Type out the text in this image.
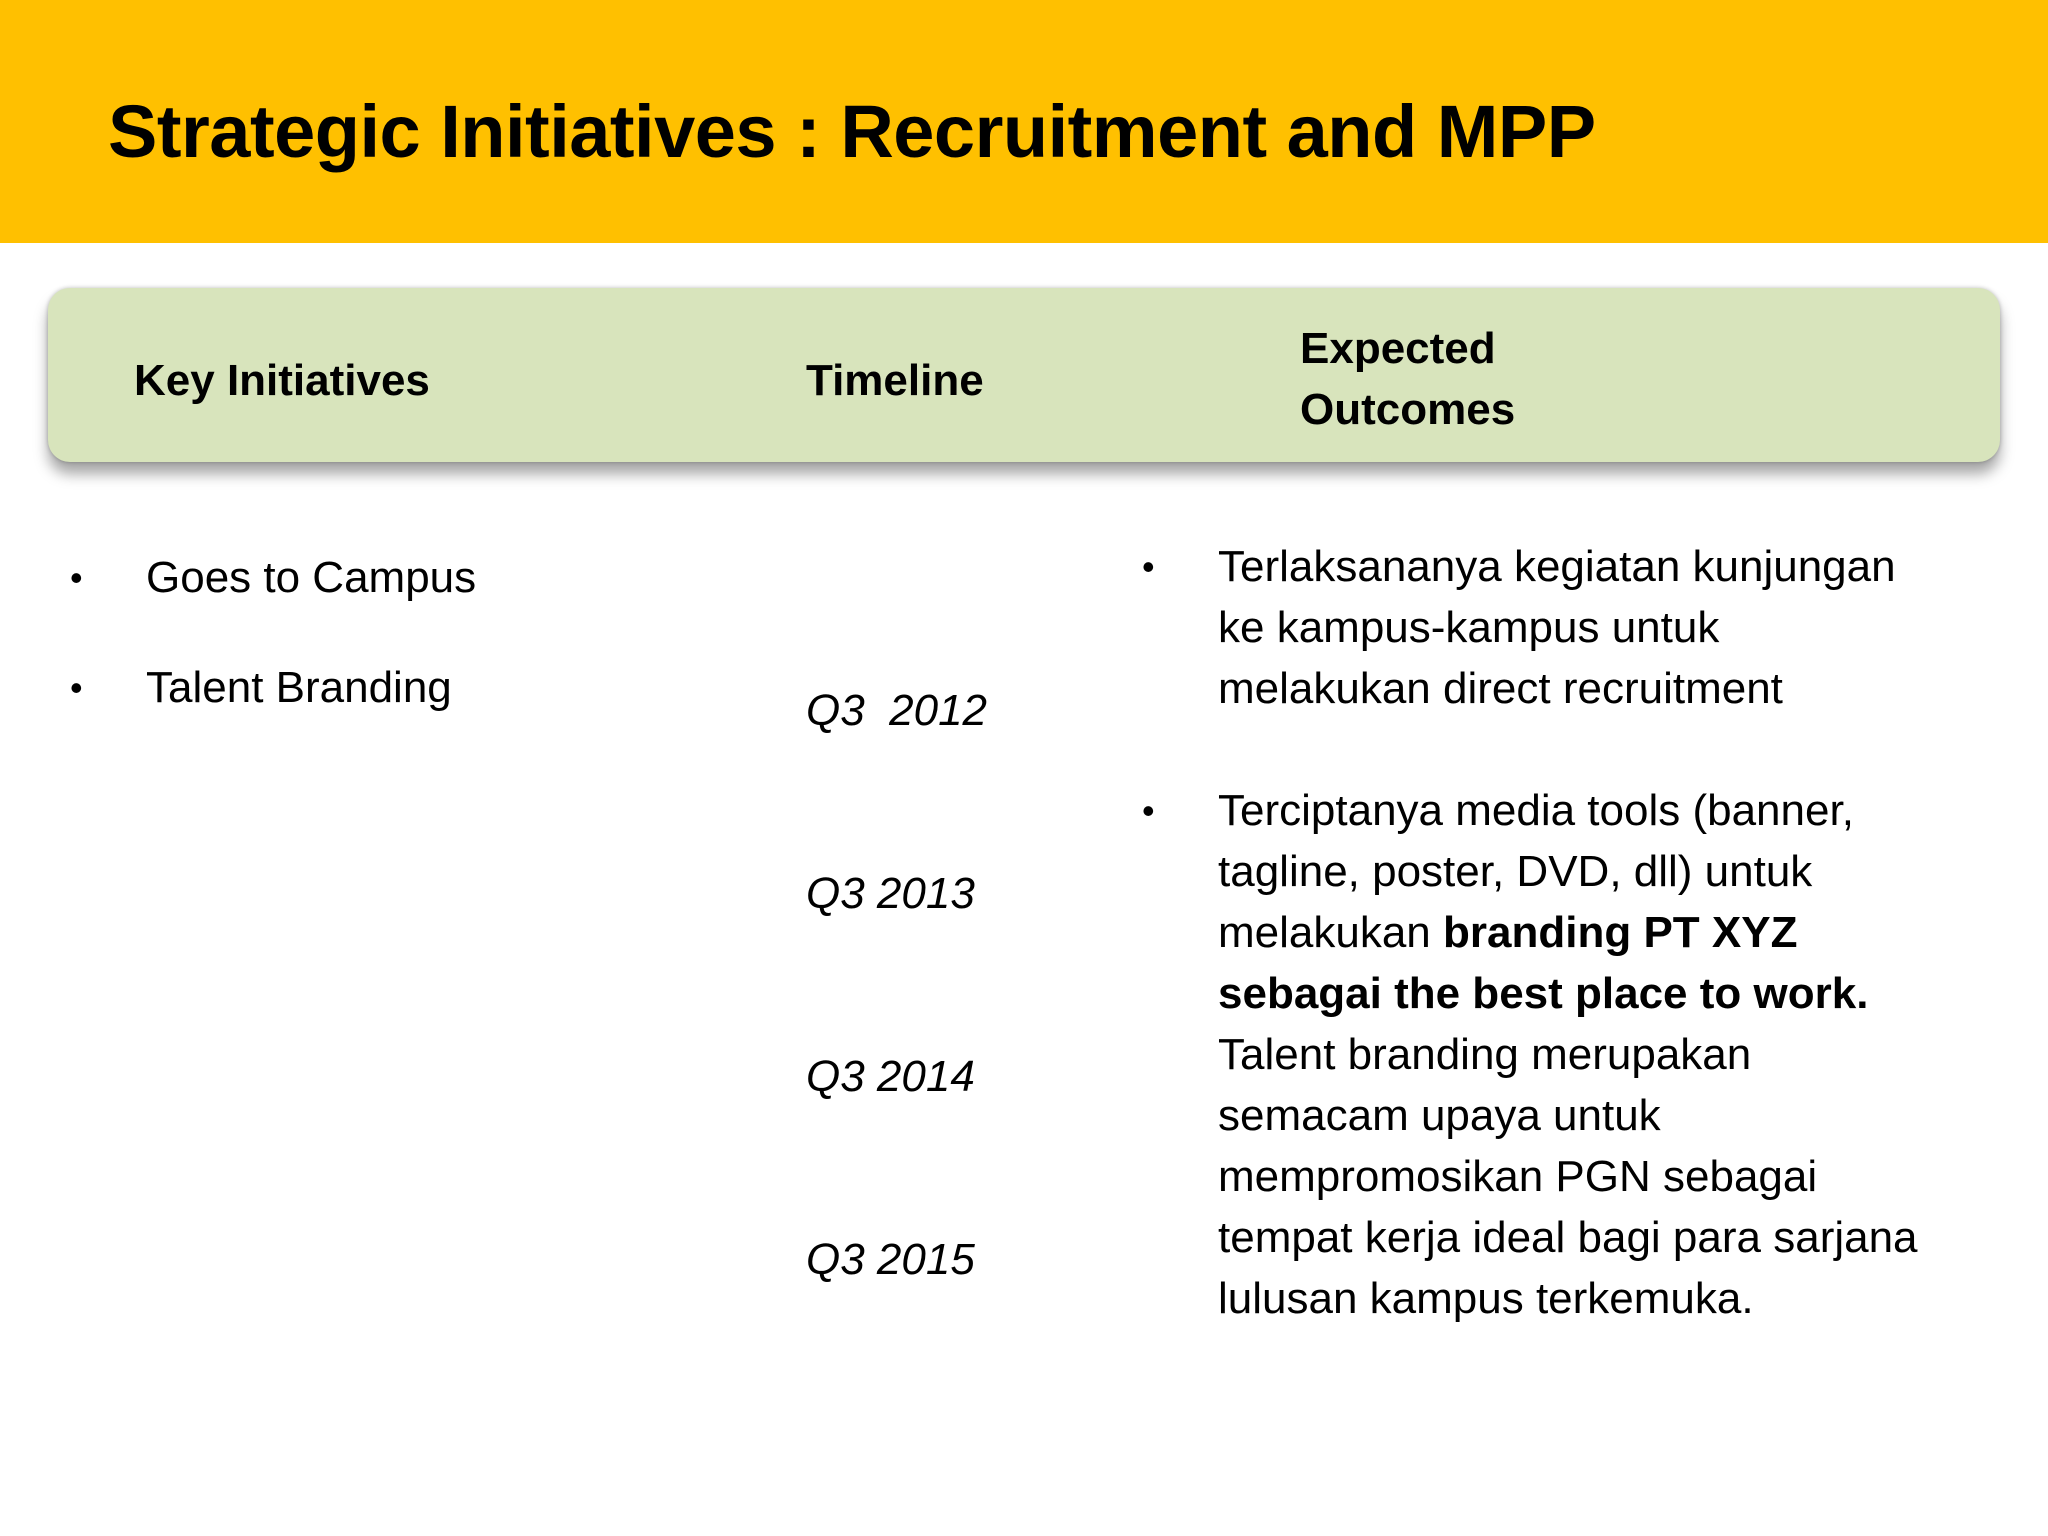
Strategic Initiatives : Recruitment and MPP
Key Initiatives	Timeline
Expected Outcomes
• Goes to Campus
• Talent Branding

	Q3  2012

Q3 2013

Q3 2014

Q3 2015

• Terlaksananya kegiatan kunjungan ke kampus-kampus untuk melakukan direct recruitment
• Terciptanya media tools (banner, tagline, poster, DVD, dll) untuk melakukan branding PT XYZ sebagai the best place to work. Talent branding merupakan semacam upaya untuk mempromosikan PGN sebagai tempat kerja ideal bagi para sarjana lulusan kampus terkemuka.
